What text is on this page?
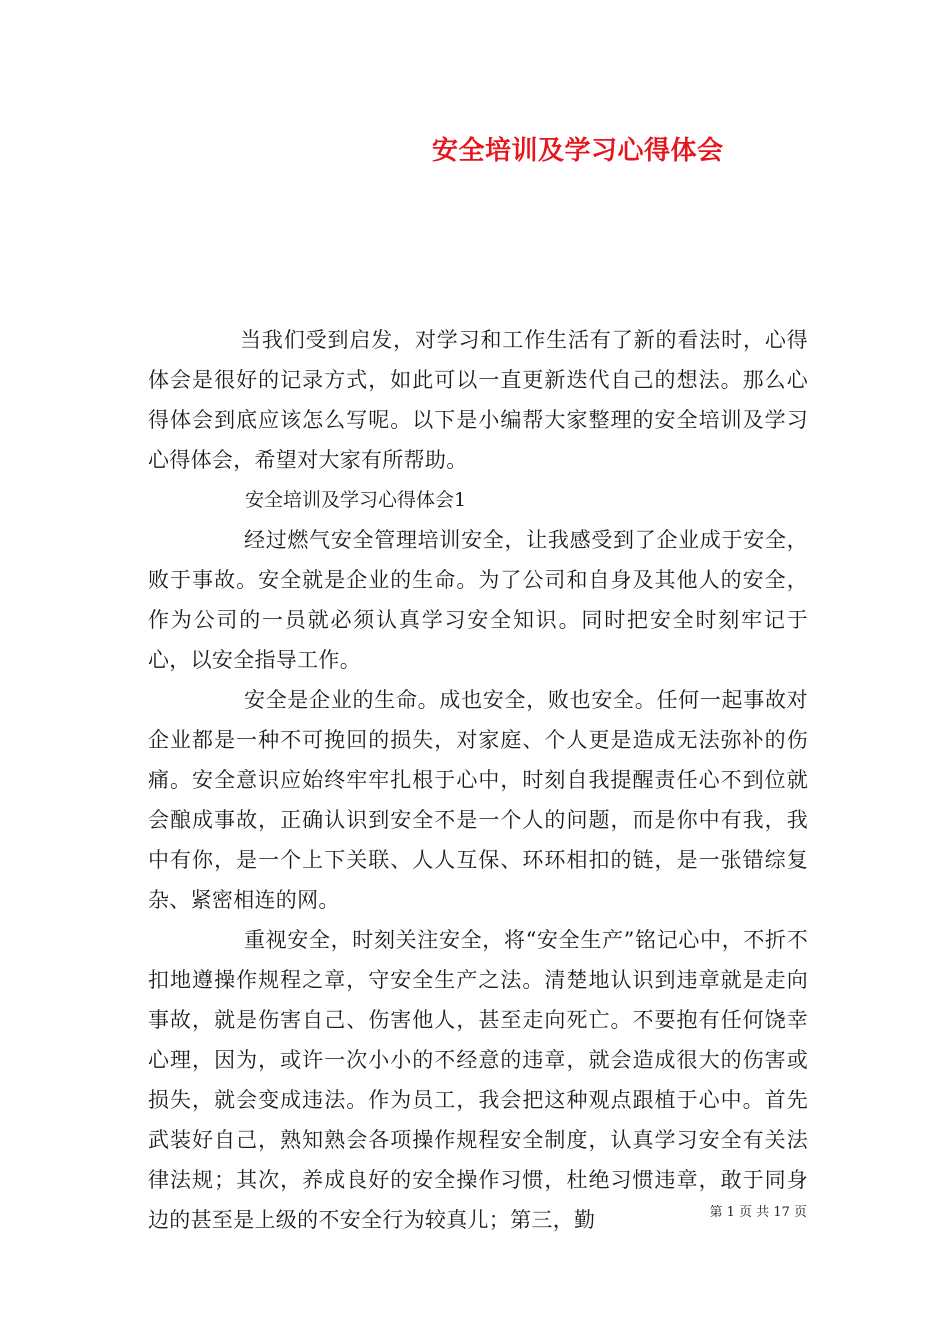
安全培训及学习心得体会

当我们受到启发，对学习和工作生活有了新的看法时，心得体会是很好的记录方式，如此可以一直更新迭代自己的想法。那么心得体会到底应该怎么写呢。以下是小编帮大家整理的安全培训及学习心得体会，希望对大家有所帮助。

安全培训及学习心得体会1

经过燃气安全管理培训安全，让我感受到了企业成于安全，败于事故。安全就是企业的生命。为了公司和自身及其他人的安全，作为公司的一员就必须认真学习安全知识。同时把安全时刻牢记于心，以安全指导工作。

安全是企业的生命。成也安全，败也安全。任何一起事故对企业都是一种不可挽回的损失，对家庭、个人更是造成无法弥补的伤痛。安全意识应始终牢牢扎根于心中，时刻自我提醒责任心不到位就会酿成事故，正确认识到安全不是一个人的问题，而是你中有我，我中有你，是一个上下关联、人人互保、环环相扣的链，是一张错综复杂、紧密相连的网。

重视安全，时刻关注安全，将“安全生产”铭记心中，不折不扣地遵操作规程之章，守安全生产之法。清楚地认识到违章就是走向事故，就是伤害自己、伤害他人，甚至走向死亡。不要抱有任何饶幸心理，因为，或许一次小小的不经意的违章，就会造成很大的伤害或损失，就会变成违法。作为员工，我会把这种观点跟植于心中。首先武装好自己，熟知熟会各项操作规程安全制度，认真学习安全有关法律法规；其次，养成良好的安全操作习惯，杜绝习惯违章，敢于同身边的甚至是上级的不安全行为较真儿；第三，勤	第 1 页 共 17 页
